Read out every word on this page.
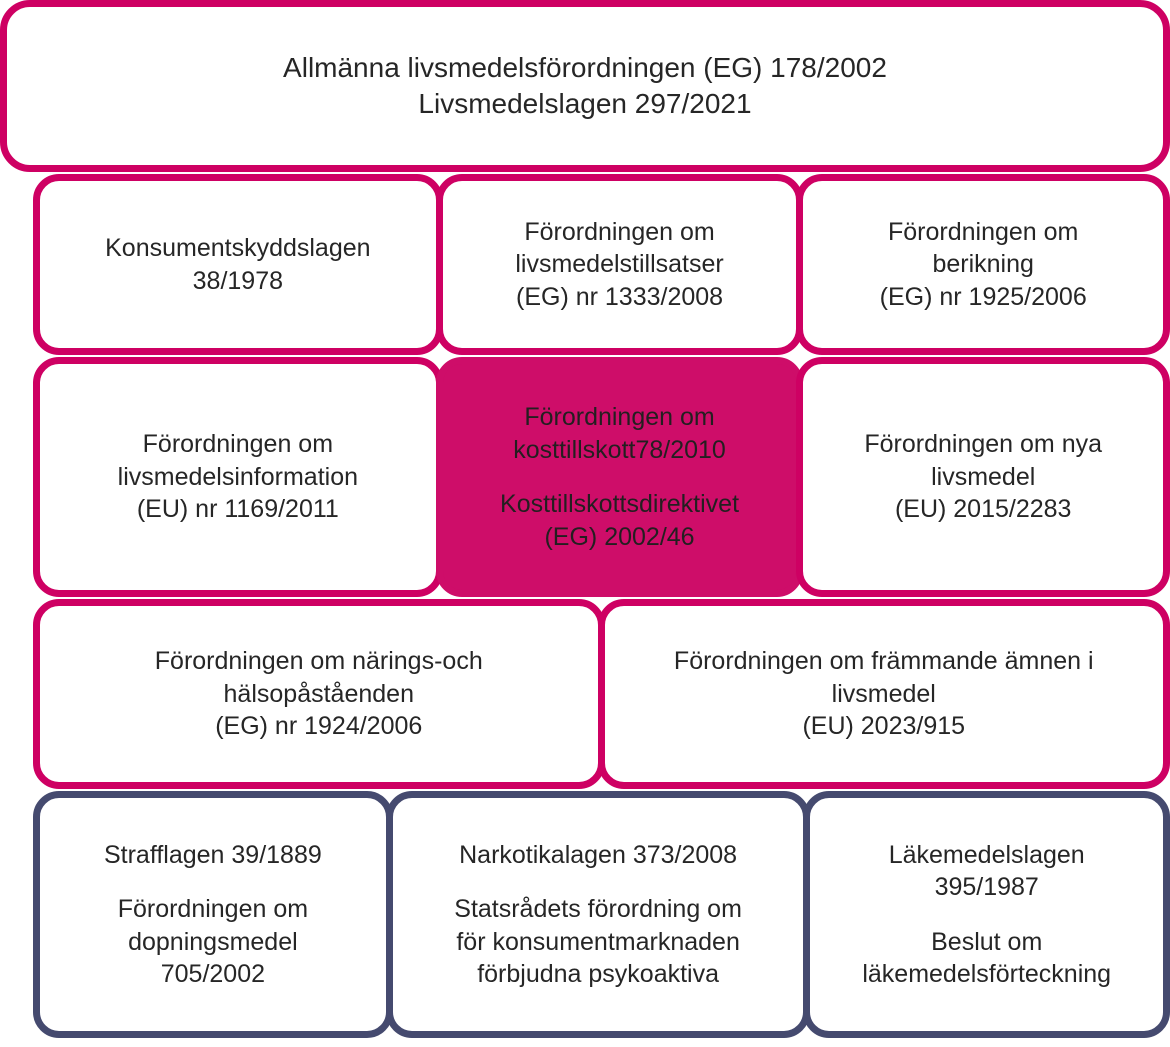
Allmänna livsmedelsförordningen (EG) 178/2002
Livsmedelslagen 297/2021
Konsumentskyddslagen
38/1978
Förordningen om
livsmedelstillsatser
(EG) nr 1333/2008
Förordningen om
berikning
(EG) nr 1925/2006
Förordningen om
livsmedelsinformation
(EU) nr 1169/2011
Förordningen om
kosttillskott78/2010
Kosttillskottsdirektivet
(EG) 2002/46
Förordningen om nya
livsmedel
(EU) 2015/2283
Förordningen om närings-och
hälsopåståenden
(EG) nr 1924/2006
Förordningen om främmande ämnen i
livsmedel
(EU) 2023/915
Strafflagen 39/1889
Förordningen om
dopningsmedel
705/2002
Narkotikalagen 373/2008
Statsrådets förordning om
för konsumentmarknaden
förbjudna psykoaktiva
Läkemedelslagen
395/1987
Beslut om
läkemedelsförteckning
